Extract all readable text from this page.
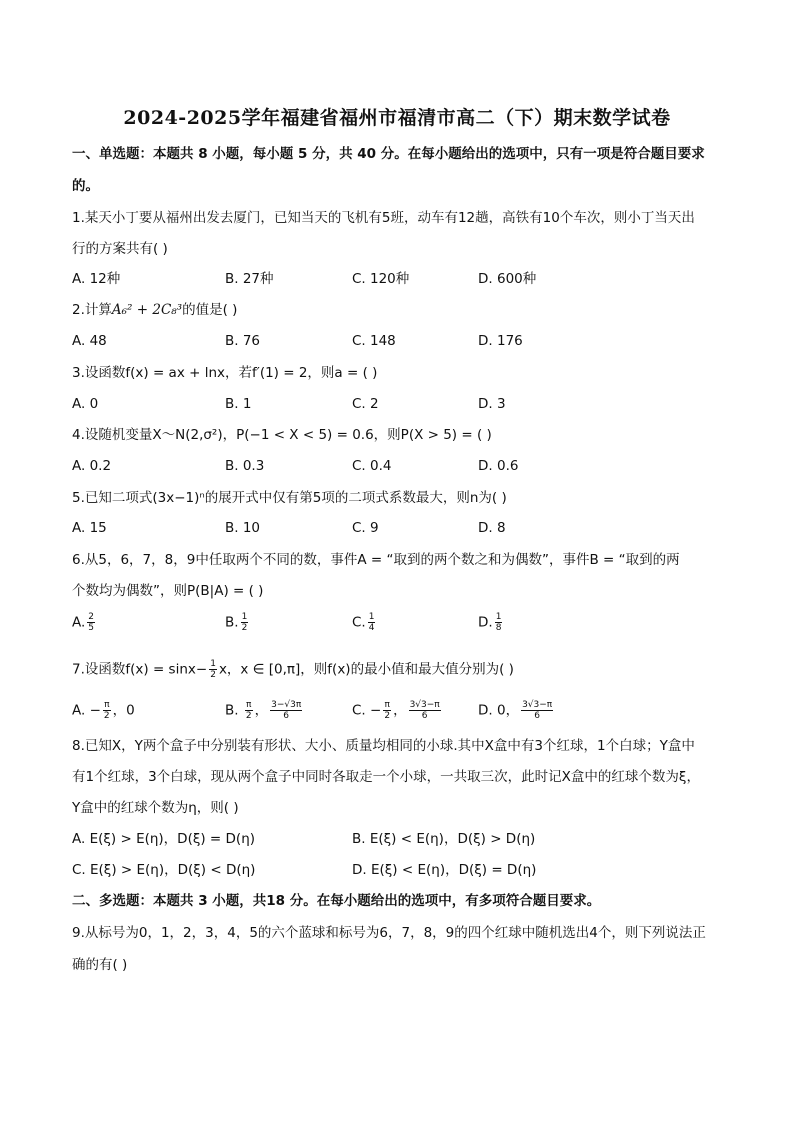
2024-2025学年福建省福州市福清市高二（下）期末数学试卷
一、单选题：本题共 8 小题，每小题 5 分，共 40 分。在每小题给出的选项中，只有一项是符合题目要求
的。
1.某天小丁要从福州出发去厦门，已知当天的飞机有5班，动车有12趟，高铁有10个车次，则小丁当天出
行的方案共有( )
A. 12种	B. 27种	C. 120种	D. 600种
2.计算A₆² + 2C₈³的值是( )
A. 48	B. 76	C. 148	D. 176
3.设函数f(x) = ax + lnx，若f′(1) = 2，则a = ( )
A. 0	B. 1	C. 2	D. 3
4.设随机变量X～N(2,σ²)，P(−1 < X < 5) = 0.6，则P(X > 5) = ( )
A. 0.2	B. 0.3	C. 0.4	D. 0.6
5.已知二项式(3x−1)ⁿ的展开式中仅有第5项的二项式系数最大，则n为( )
A. 15	B. 10	C. 9	D. 8
6.从5，6，7，8，9中任取两个不同的数，事件A = “取到的两个数之和为偶数”，事件B = “取到的两
个数均为偶数”，则P(B|A) = ( )
A. $\frac{2}{5}$	B. $\frac{1}{2}$	C. $\frac{1}{4}$	D. $\frac{1}{8}$
7.设函数$f(x) = \sin x- \frac{1}{2}$ x，x ∈ [0,π]，则f(x)的最小值和最大值分别为( )
A. − $\frac{\pi}{2}$ ，0	B. $\frac{\pi}{2}$ ， $\frac{3-√3\pi}{6}$	C. − $\frac{\pi}{2}$ ， $\frac{3√3-\pi}{6}$	D. 0， $\frac{3√3-\pi}{6}$
8.已知X，Y两个盒子中分别装有形状、大小、质量均相同的小球.其中X盒中有3个红球，1个白球；Y盒中
有1个红球，3个白球，现从两个盒子中同时各取走一个小球，一共取三次，此时记X盒中的红球个数为ξ，
Y盒中的红球个数为η，则( )
A. E(ξ) > E(η)，D(ξ) = D(η)	B. E(ξ) < E(η)，D(ξ) > D(η)
C. E(ξ) > E(η)，D(ξ) < D(η)	D. E(ξ) < E(η)，D(ξ) = D(η)
二、多选题：本题共 3 小题，共18 分。在每小题给出的选项中，有多项符合题目要求。
9.从标号为0，1，2，3，4，5的六个蓝球和标号为6，7，8，9的四个红球中随机选出4个，则下列说法正
确的有( )
